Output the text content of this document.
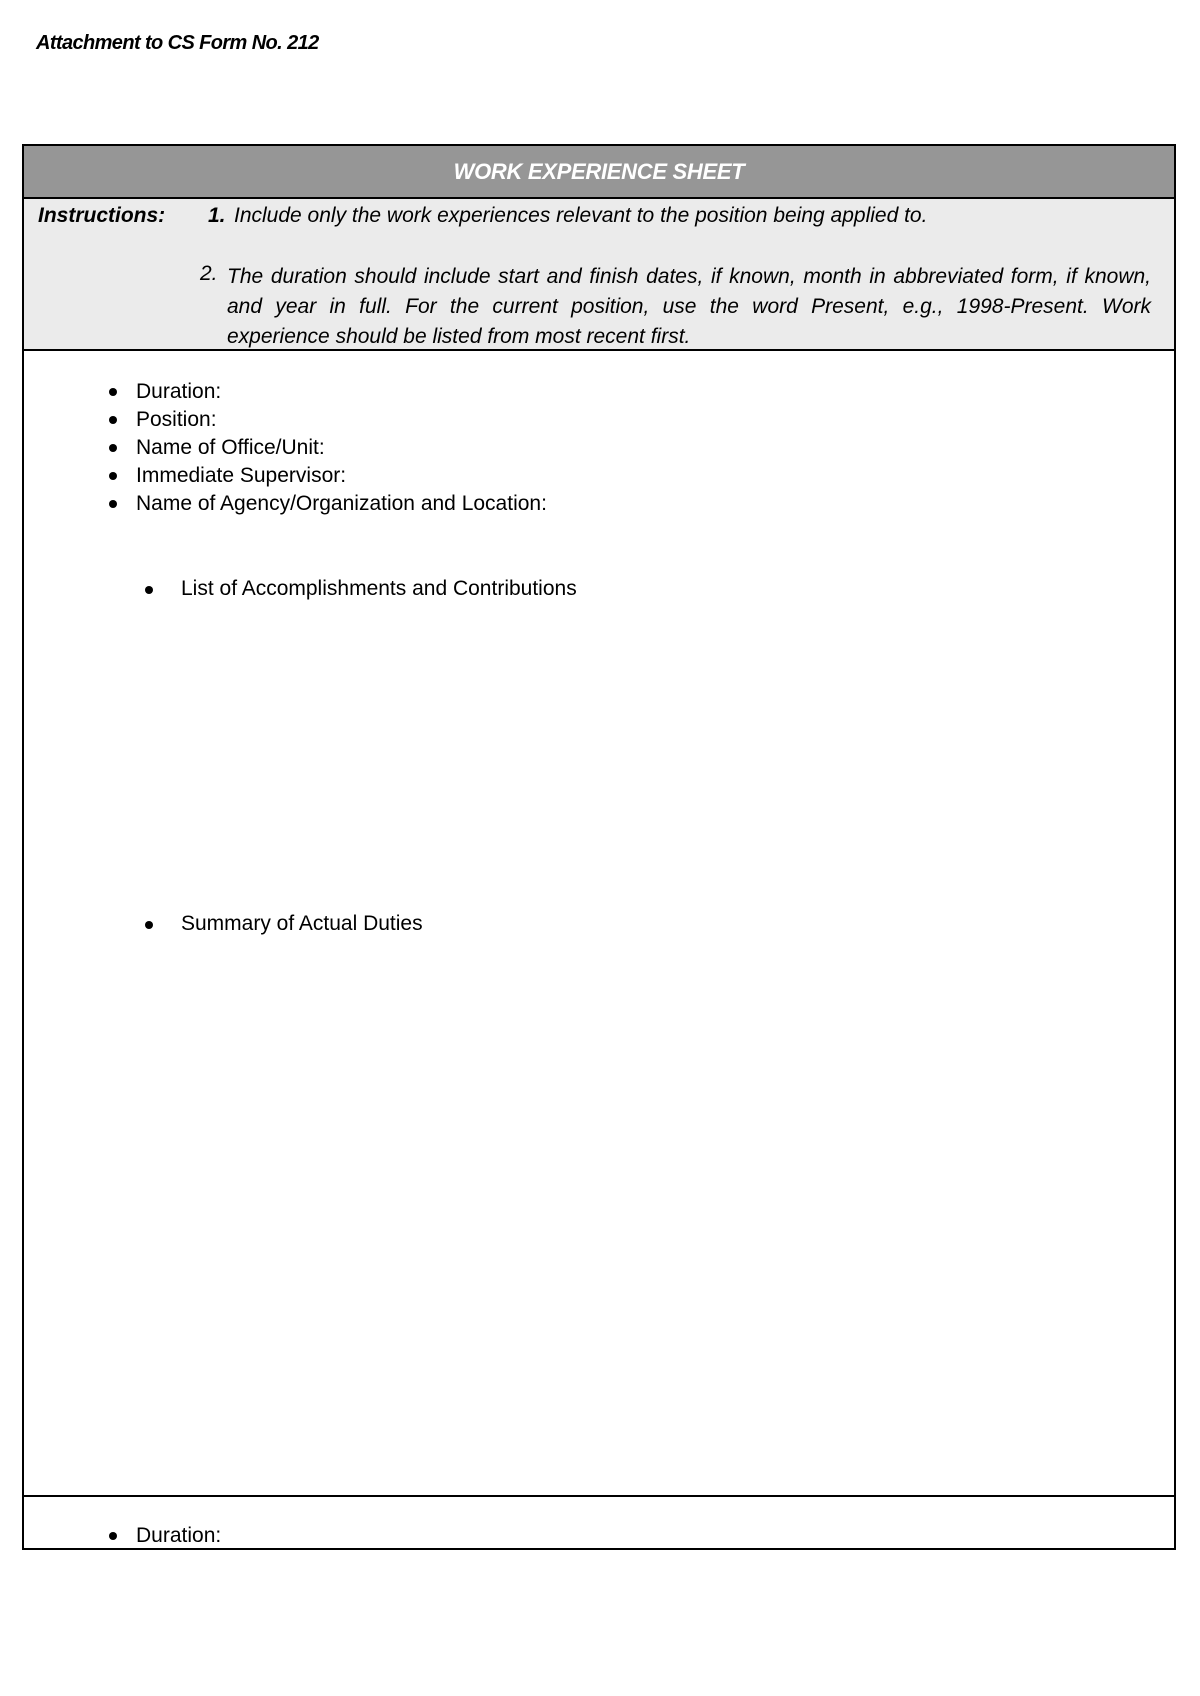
Attachment to CS Form No. 212
WORK EXPERIENCE SHEET
Instructions: 1. Include only the work experiences relevant to the position being applied to.
2. The duration should include start and finish dates, if known, month in abbreviated form, if known, and year in full. For the current position, use the word Present, e.g., 1998-Present. Work experience should be listed from most recent first.
Duration:
Position:
Name of Office/Unit:
Immediate Supervisor:
Name of Agency/Organization and Location:
List of Accomplishments and Contributions
Summary of Actual Duties
Duration:
